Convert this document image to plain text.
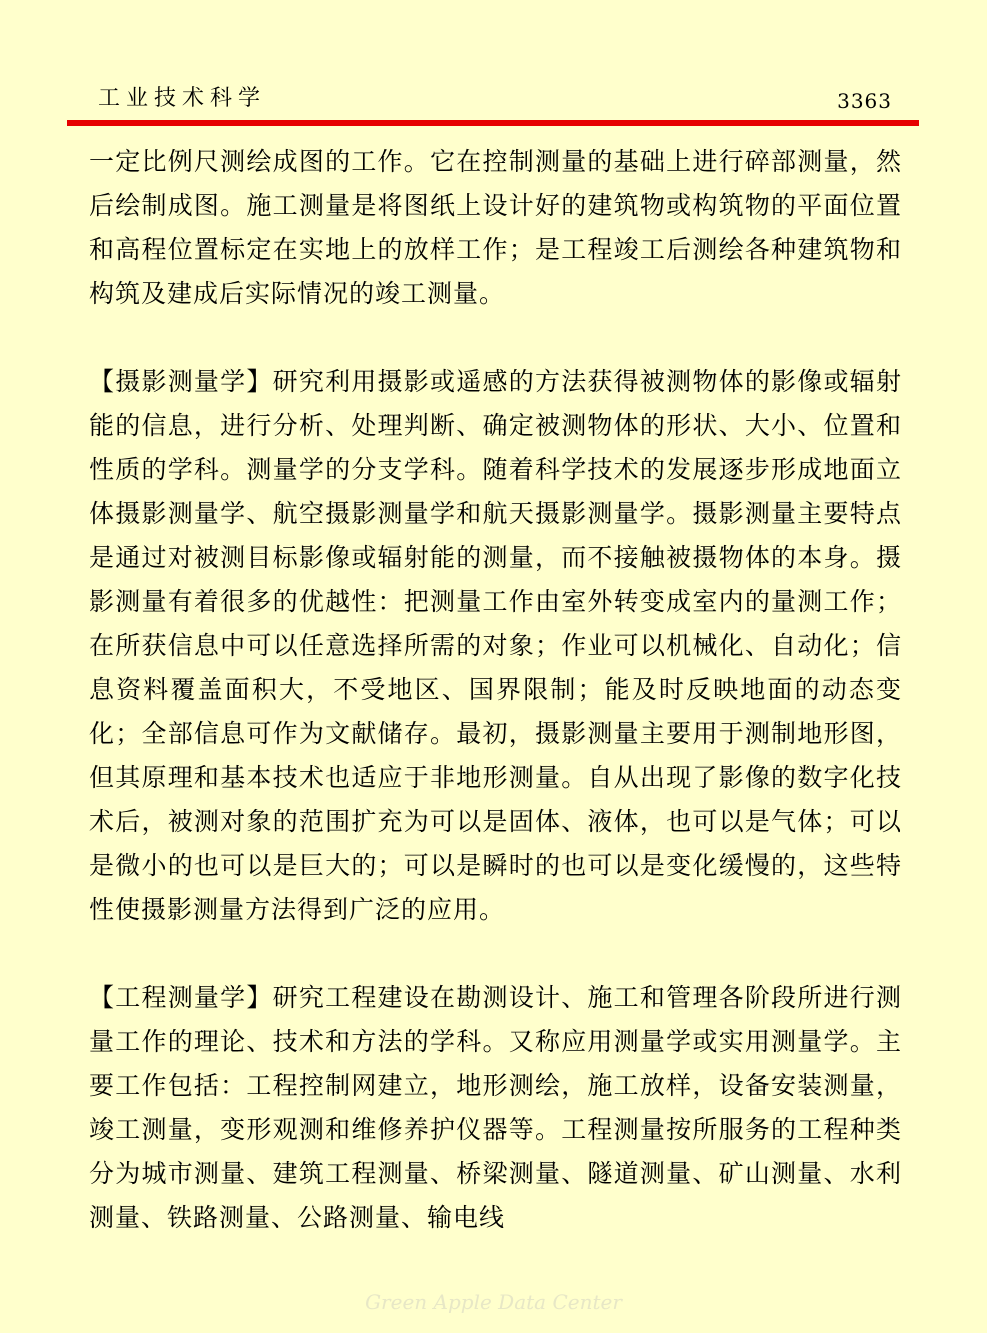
工业技术科学	3363

一定比例尺测绘成图的工作。它在控制测量的基础上进行碎部测量，然后绘制成图。施工测量是将图纸上设计好的建筑物或构筑物的平面位置和高程位置标定在实地上的放样工作；是工程竣工后测绘各种建筑物和构筑及建成后实际情况的竣工测量。

【摄影测量学】研究利用摄影或遥感的方法获得被测物体的影像或辐射能的信息，进行分析、处理判断、确定被测物体的形状、大小、位置和性质的学科。测量学的分支学科。随着科学技术的发展逐步形成地面立体摄影测量学、航空摄影测量学和航天摄影测量学。摄影测量主要特点是通过对被测目标影像或辐射能的测量，而不接触被摄物体的本身。摄影测量有着很多的优越性：把测量工作由室外转变成室内的量测工作；在所获信息中可以任意选择所需的对象；作业可以机械化、自动化；信息资料覆盖面积大，不受地区、国界限制；能及时反映地面的动态变化；全部信息可作为文献储存。最初，摄影测量主要用于测制地形图，但其原理和基本技术也适应于非地形测量。自从出现了影像的数字化技术后，被测对象的范围扩充为可以是固体、液体，也可以是气体；可以是微小的也可以是巨大的；可以是瞬时的也可以是变化缓慢的，这些特性使摄影测量方法得到广泛的应用。

【工程测量学】研究工程建设在勘测设计、施工和管理各阶段所进行测量工作的理论、技术和方法的学科。又称应用测量学或实用测量学。主要工作包括：工程控制网建立，地形测绘，施工放样，设备安装测量，竣工测量，变形观测和维修养护仪器等。工程测量按所服务的工程种类分为城市测量、建筑工程测量、桥梁测量、隧道测量、矿山测量、水利测量、铁路测量、公路测量、输电线

Green Apple Data Center
